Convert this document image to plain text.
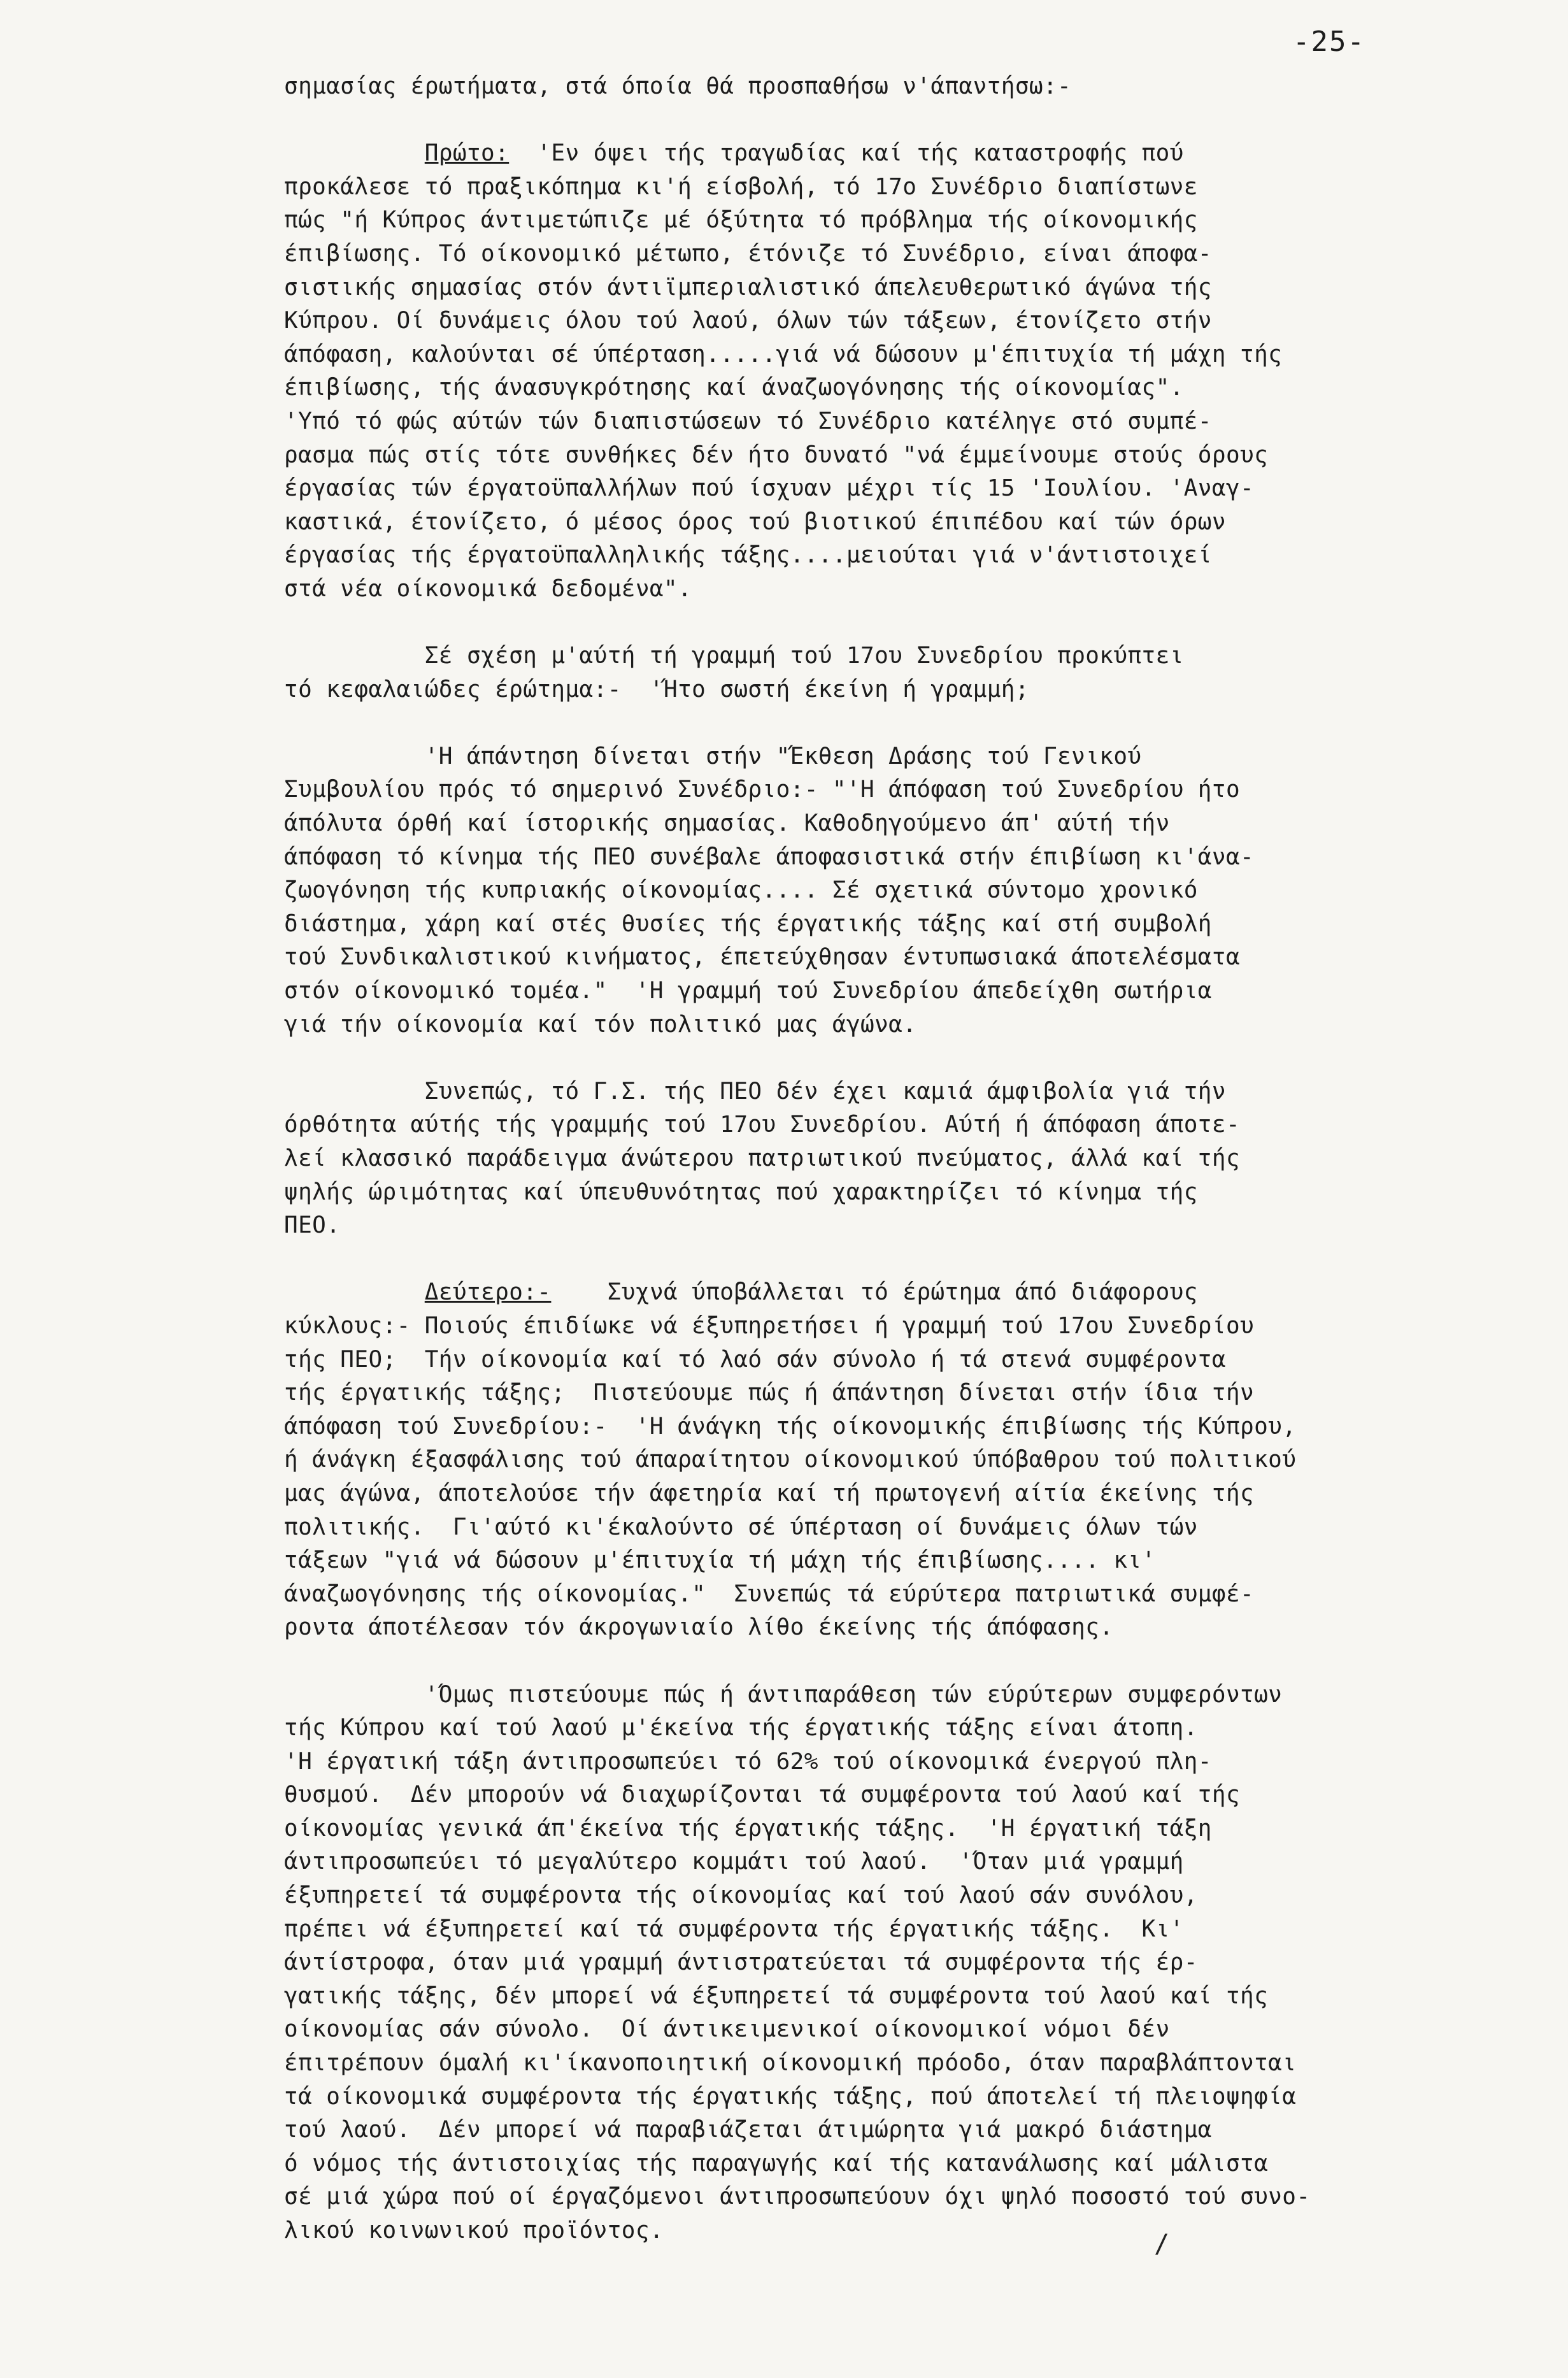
-25-
σημασίας έρωτήματα, στά όποία θά προσπαθήσω ν'άπαντήσω:-
Πρώτο:  'Εν όψει τής τραγωδίας καί τής καταστροφής πού
προκάλεσε τό πραξικόπημα κι'ή είσβολή, τό 17ο Συνέδριο διαπίστωνε
πώς "ή Κύπρος άντιμετώπιζε μέ όξύτητα τό πρόβλημα τής οίκονομικής
έπιβίωσης. Τό οίκονομικό μέτωπο, έτόνιζε τό Συνέδριο, είναι άποφα-
σιστικής σημασίας στόν άντιϊμπεριαλιστικό άπελευθερωτικό άγώνα τής
Κύπρου. Οί δυνάμεις όλου τού λαού, όλων τών τάξεων, έτονίζετο στήν
άπόφαση, καλούνται σέ ύπέρταση.....γιά νά δώσουν μ'έπιτυχία τή μάχη τής
έπιβίωσης, τής άνασυγκρότησης καί άναζωογόνησης τής οίκονομίας".
'Υπό τό φώς αύτών τών διαπιστώσεων τό Συνέδριο κατέληγε στό συμπέ-
ρασμα πώς στίς τότε συνθήκες δέν ήτο δυνατό "νά έμμείνουμε στούς όρους
έργασίας τών έργατοϋπαλλήλων πού ίσχυαν μέχρι τίς 15 'Ιουλίου. 'Αναγ-
καστικά, έτονίζετο, ό μέσος όρος τού βιοτικού έπιπέδου καί τών όρων
έργασίας τής έργατοϋπαλληλικής τάξης....μειούται γιά ν'άντιστοιχεί
στά νέα οίκονομικά δεδομένα".
Σέ σχέση μ'αύτή τή γραμμή τού 17ου Συνεδρίου προκύπτει
τό κεφαλαιώδες έρώτημα:-  'Ήτο σωστή έκείνη ή γραμμή;
'Η άπάντηση δίνεται στήν "Έκθεση Δράσης τού Γενικού
Συμβουλίου πρός τό σημερινό Συνέδριο:- "'Η άπόφαση τού Συνεδρίου ήτο
άπόλυτα όρθή καί ίστορικής σημασίας. Καθοδηγούμενο άπ' αύτή τήν
άπόφαση τό κίνημα τής ΠΕΟ συνέβαλε άποφασιστικά στήν έπιβίωση κι'άνα-
ζωογόνηση τής κυπριακής οίκονομίας.... Σέ σχετικά σύντομο χρονικό
διάστημα, χάρη καί στές θυσίες τής έργατικής τάξης καί στή συμβολή
τού Συνδικαλιστικού κινήματος, έπετεύχθησαν έντυπωσιακά άποτελέσματα
στόν οίκονομικό τομέα."  'Η γραμμή τού Συνεδρίου άπεδείχθη σωτήρια
γιά τήν οίκονομία καί τόν πολιτικό μας άγώνα.
Συνεπώς, τό Γ.Σ. τής ΠΕΟ δέν έχει καμιά άμφιβολία γιά τήν
όρθότητα αύτής τής γραμμής τού 17ου Συνεδρίου. Αύτή ή άπόφαση άποτε-
λεί κλασσικό παράδειγμα άνώτερου πατριωτικού πνεύματος, άλλά καί τής
ψηλής ώριμότητας καί ύπευθυνότητας πού χαρακτηρίζει τό κίνημα τής
ΠΕΟ.
Δεύτερο:-    Συχνά ύποβάλλεται τό έρώτημα άπό διάφορους
κύκλους:- Ποιούς έπιδίωκε νά έξυπηρετήσει ή γραμμή τού 17ου Συνεδρίου
τής ΠΕΟ;  Τήν οίκονομία καί τό λαό σάν σύνολο ή τά στενά συμφέροντα
τής έργατικής τάξης;  Πιστεύουμε πώς ή άπάντηση δίνεται στήν ίδια τήν
άπόφαση τού Συνεδρίου:-  'Η άνάγκη τής οίκονομικής έπιβίωσης τής Κύπρου,
ή άνάγκη έξασφάλισης τού άπαραίτητου οίκονομικού ύπόβαθρου τού πολιτικού
μας άγώνα, άποτελούσε τήν άφετηρία καί τή πρωτογενή αίτία έκείνης τής
πολιτικής.  Γι'αύτό κι'έκαλούντο σέ ύπέρταση οί δυνάμεις όλων τών
τάξεων "γιά νά δώσουν μ'έπιτυχία τή μάχη τής έπιβίωσης.... κι'
άναζωογόνησης τής οίκονομίας."  Συνεπώς τά εύρύτερα πατριωτικά συμφέ-
ροντα άποτέλεσαν τόν άκρογωνιαίο λίθο έκείνης τής άπόφασης.
'Όμως πιστεύουμε πώς ή άντιπαράθεση τών εύρύτερων συμφερόντων
τής Κύπρου καί τού λαού μ'έκείνα τής έργατικής τάξης είναι άτοπη.
'Η έργατική τάξη άντιπροσωπεύει τό 62% τού οίκονομικά ένεργού πλη-
θυσμού.  Δέν μπορούν νά διαχωρίζονται τά συμφέροντα τού λαού καί τής
οίκονομίας γενικά άπ'έκείνα τής έργατικής τάξης.  'Η έργατική τάξη
άντιπροσωπεύει τό μεγαλύτερο κομμάτι τού λαού.  'Όταν μιά γραμμή
έξυπηρετεί τά συμφέροντα τής οίκονομίας καί τού λαού σάν συνόλου,
πρέπει νά έξυπηρετεί καί τά συμφέροντα τής έργατικής τάξης.  Κι'
άντίστροφα, όταν μιά γραμμή άντιστρατεύεται τά συμφέροντα τής έρ-
γατικής τάξης, δέν μπορεί νά έξυπηρετεί τά συμφέροντα τού λαού καί τής
οίκονομίας σάν σύνολο.  Οί άντικειμενικοί οίκονομικοί νόμοι δέν
έπιτρέπουν όμαλή κι'ίκανοποιητική οίκονομική πρόοδο, όταν παραβλάπτονται
τά οίκονομικά συμφέροντα τής έργατικής τάξης, πού άποτελεί τή πλειοψηφία
τού λαού.  Δέν μπορεί νά παραβιάζεται άτιμώρητα γιά μακρό διάστημα
ό νόμος τής άντιστοιχίας τής παραγωγής καί τής κατανάλωσης καί μάλιστα
σέ μιά χώρα πού οί έργαζόμενοι άντιπροσωπεύουν όχι ψηλό ποσοστό τού συνο-
λικού κοινωνικού προϊόντος.	/
